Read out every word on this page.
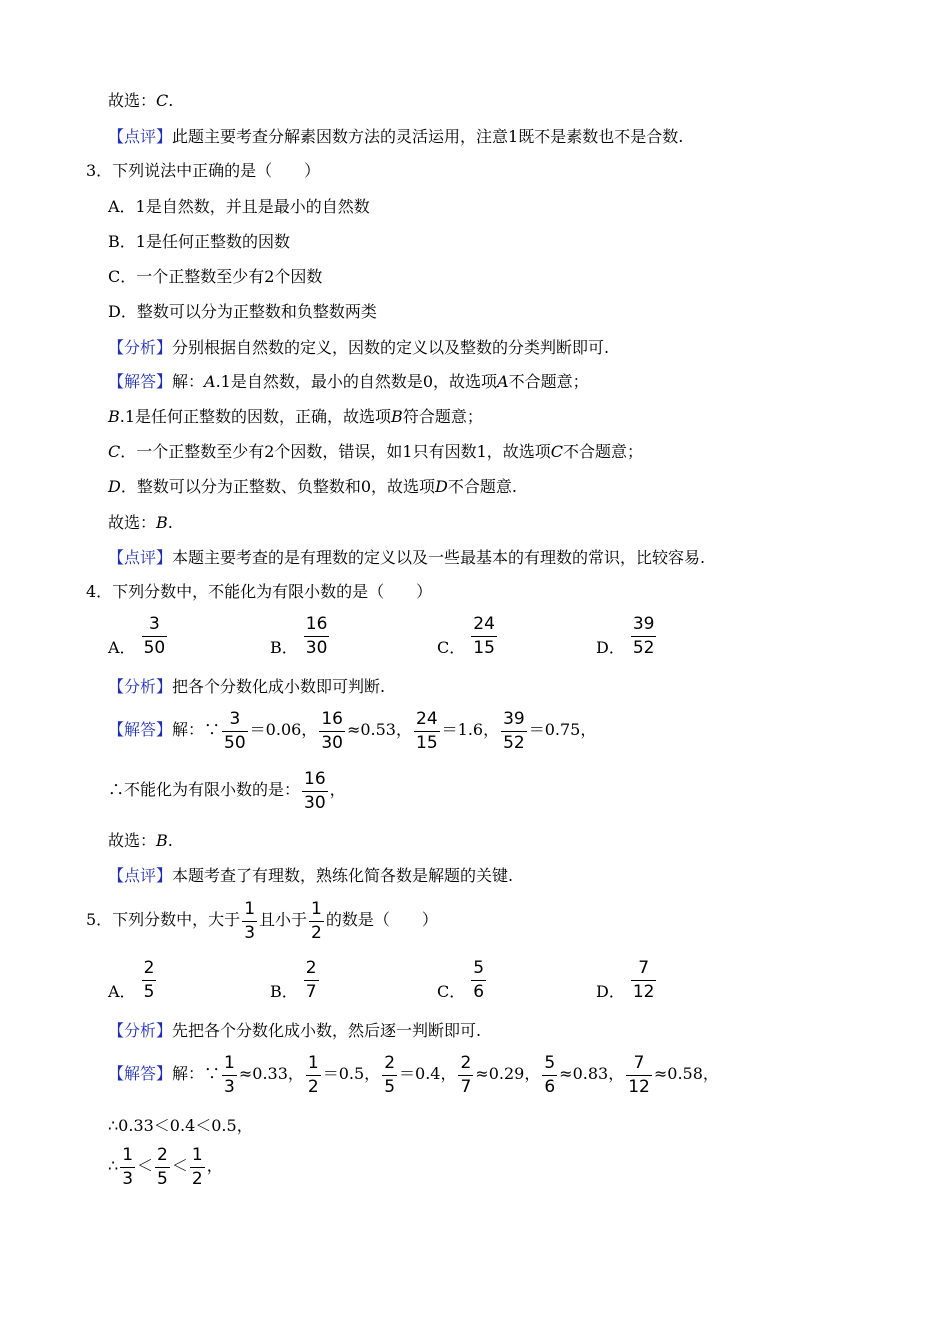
故选：C.
【点评】此题主要考查分解素因数方法的灵活运用，注意1既不是素数也不是合数.
3．下列说法中正确的是（　　）
A．1是自然数，并且是最小的自然数
B．1是任何正整数的因数
C．一个正整数至少有2个因数
D．整数可以分为正整数和负整数两类
【分析】分别根据自然数的定义，因数的定义以及整数的分类判断即可.
【解答】解：A.1是自然数，最小的自然数是0，故选项A不合题意；
B.1是任何正整数的因数，正确，故选项B符合题意；
C．一个正整数至少有2个因数，错误，如1只有因数1，故选项C不合题意；
D．整数可以分为正整数、负整数和0，故选项D不合题意.
故选：B.
【点评】本题主要考查的是有理数的定义以及一些最基本的有理数的常识，比较容易.
4．下列分数中，不能化为有限小数的是（　　）
A． $\frac{3}{50}$	B． $\frac{16}{30}$	C． $\frac{24}{15}$	D． $\frac{39}{52}$
【分析】把各个分数化成小数即可判断.
【解答】解：∵ $\frac{3}{50} =0.06$， $\frac{16}{30} \approx 0.53$， $\frac{24}{15} =1.6$， $\frac{39}{52} =0.75$，
∴不能化为有限小数的是： $\frac{16}{30}$ ，
故选：B.
【点评】本题考查了有理数，熟练化简各数是解题的关键.
5．下列分数中，大于 $\frac{1}{3}$ 且小于 $\frac{1}{2}$ 的数是（　　）
A． $\frac{2}{5}$	B． $\frac{2}{7}$	C． $\frac{5}{6}$	D． $\frac{7}{12}$
【分析】先把各个分数化成小数，然后逐一判断即可.
【解答】解：∵ $\frac{1}{3} \approx 0.33$， $\frac{1}{2} =0.5$， $\frac{2}{5} =0.4$， $\frac{2}{7} \approx 0.29$， $\frac{5}{6} \approx 0.83$， $\frac{7}{12} \approx 0.58$，
∴0.33＜0.4＜0.5，
∴ $\frac{1}{3} < \frac{2}{5} < \frac{1}{2}$ ，
